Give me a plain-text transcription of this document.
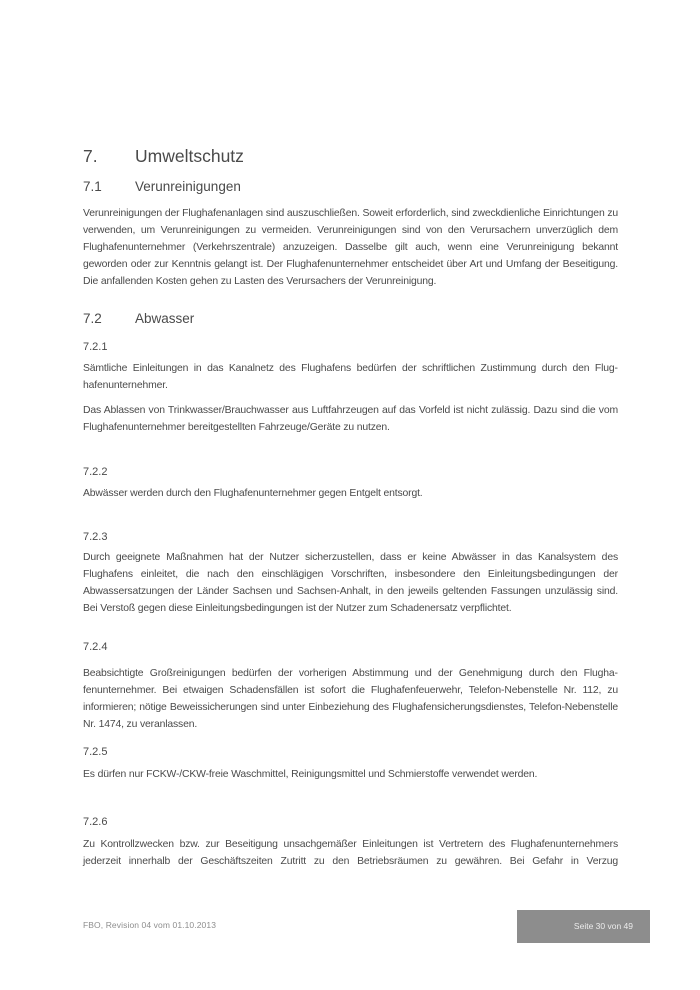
7.	Umweltschutz
7.1	Verunreinigungen

Verunreinigungen der Flughafenanlagen sind auszuschließen. Soweit erforderlich, sind zweckdienliche Einrichtungen zu verwenden, um Verunreinigungen zu vermeiden. Verunreinigungen sind von den Verursachern unverzüglich dem Flughafenunternehmer (Verkehrszentrale) anzuzeigen. Dasselbe gilt auch, wenn eine Verunreinigung bekannt geworden oder zur Kenntnis gelangt ist. Der Flughafenunternehmer entscheidet über Art und Umfang der Beseitigung. Die anfallenden Kosten gehen zu Lasten des Verursachers der Verunreinigung.

7.2	Abwasser
7.2.1

Sämtliche Einleitungen in das Kanalnetz des Flughafens bedürfen der schriftlichen Zustimmung durch den Flughafenunternehmer.

Das Ablassen von Trinkwasser/Brauchwasser aus Luftfahrzeugen auf das Vorfeld ist nicht zulässig. Dazu sind die vom Flughafenunternehmer bereitgestellten Fahrzeuge/Geräte zu nutzen.

7.2.2

Abwässer werden durch den Flughafenunternehmer gegen Entgelt entsorgt.

7.2.3

Durch geeignete Maßnahmen hat der Nutzer sicherzustellen, dass er keine Abwässer in das Kanalsystem des Flughafens einleitet, die nach den einschlägigen Vorschriften, insbesondere den Einleitungsbedingungen der Abwassersatzungen der Länder Sachsen und Sachsen-Anhalt, in den jeweils geltenden Fassungen unzulässig sind. Bei Verstoß gegen diese Einleitungsbedingungen ist der Nutzer zum Schadenersatz verpflichtet.

7.2.4

Beabsichtigte Großreinigungen bedürfen der vorherigen Abstimmung und der Genehmigung durch den Flughafenunternehmer. Bei etwaigen Schadensfällen ist sofort die Flughafenfeuerwehr, Telefon-Nebenstelle Nr. 112, zu informieren; nötige Beweissicherungen sind unter Einbeziehung des Flughafensicherungsdienstes, Telefon-Nebenstelle Nr. 1474, zu veranlassen.

7.2.5

Es dürfen nur FCKW-/CKW-freie Waschmittel, Reinigungsmittel und Schmierstoffe verwendet werden.

7.2.6

Zu Kontrollzwecken bzw. zur Beseitigung unsachgemäßer Einleitungen ist Vertretern des Flughafenunternehmers jederzeit innerhalb der Geschäftszeiten Zutritt zu den Betriebsräumen zu gewähren. Bei Gefahr in Verzug

FBO, Revision 04 vom 01.10.2013	Seite 30 von 49
